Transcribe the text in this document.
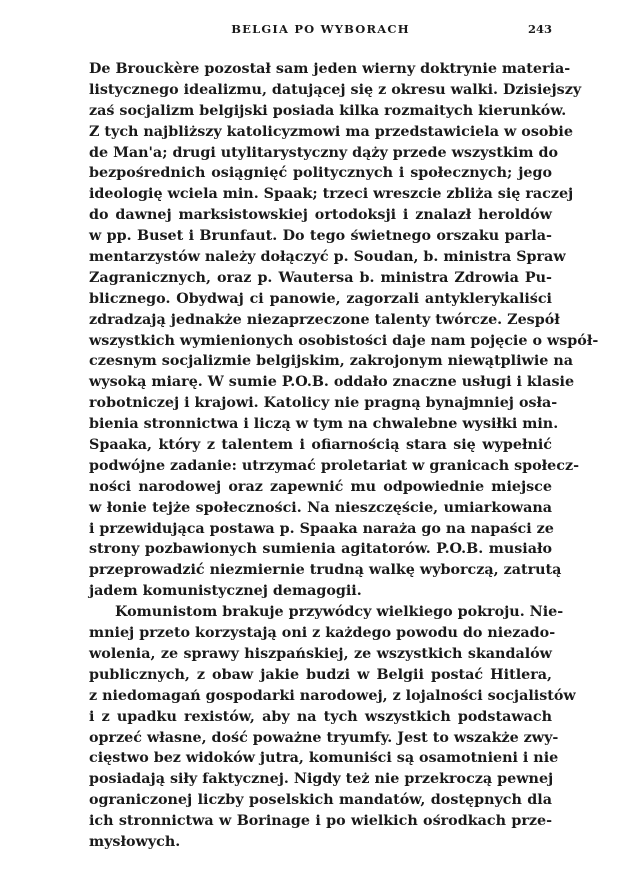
BELGIA PO WYBORACH	243
De Brouckère pozostał sam jeden wierny doktrynie materia-
listycznego idealizmu, datującej się z okresu walki. Dzisiejszy
zaś socjalizm belgijski posiada kilka rozmaitych kierunków.
Z tych najbliższy katolicyzmowi ma przedstawiciela w osobie
de Man'a; drugi utylitarystyczny dąży przede wszystkim do
bezpośrednich osiągnięć politycznych i społecznych; jego
ideologię wciela min. Spaak; trzeci wreszcie zbliża się raczej
do dawnej marksistowskiej ortodoksji i znalazł heroldów
w pp. Buset i Brunfaut. Do tego świetnego orszaku parla-
mentarzystów należy dołączyć p. Soudan, b. ministra Spraw
Zagranicznych, oraz p. Wautersa b. ministra Zdrowia Pu-
blicznego. Obydwaj ci panowie, zagorzali antyklerykaliści
zdradzają jednakże niezaprzeczone talenty twórcze. Zespół
wszystkich wymienionych osobistości daje nam pojęcie o współ-
czesnym socjalizmie belgijskim, zakrojonym niewątpliwie na
wysoką miarę. W sumie P.O.B. oddało znaczne usługi i klasie
robotniczej i krajowi. Katolicy nie pragną bynajmniej osła-
bienia stronnictwa i liczą w tym na chwalebne wysiłki min.
Spaaka, który z talentem i ofiarnością stara się wypełnić
podwójne zadanie: utrzymać proletariat w granicach społecz-
ności narodowej oraz zapewnić mu odpowiednie miejsce
w łonie tejże społeczności. Na nieszczęście, umiarkowana
i przewidująca postawa p. Spaaka naraża go na napaści ze
strony pozbawionych sumienia agitatorów. P.O.B. musiało
przeprowadzić niezmiernie trudną walkę wyborczą, zatrutą
jadem komunistycznej demagogii.
Komunistom brakuje przywódcy wielkiego pokroju. Nie-
mniej przeto korzystają oni z każdego powodu do niezado-
wolenia, ze sprawy hiszpańskiej, ze wszystkich skandalów
publicznych, z obaw jakie budzi w Belgii postać Hitlera,
z niedomagań gospodarki narodowej, z lojalności socjalistów
i z upadku rexistów, aby na tych wszystkich podstawach
oprzeć własne, dość poważne tryumfy. Jest to wszakże zwy-
cięstwo bez widoków jutra, komuniści są osamotnieni i nie
posiadają siły faktycznej. Nigdy też nie przekroczą pewnej
ograniczonej liczby poselskich mandatów, dostępnych dla
ich stronnictwa w Borinage i po wielkich ośrodkach prze-
mysłowych.
